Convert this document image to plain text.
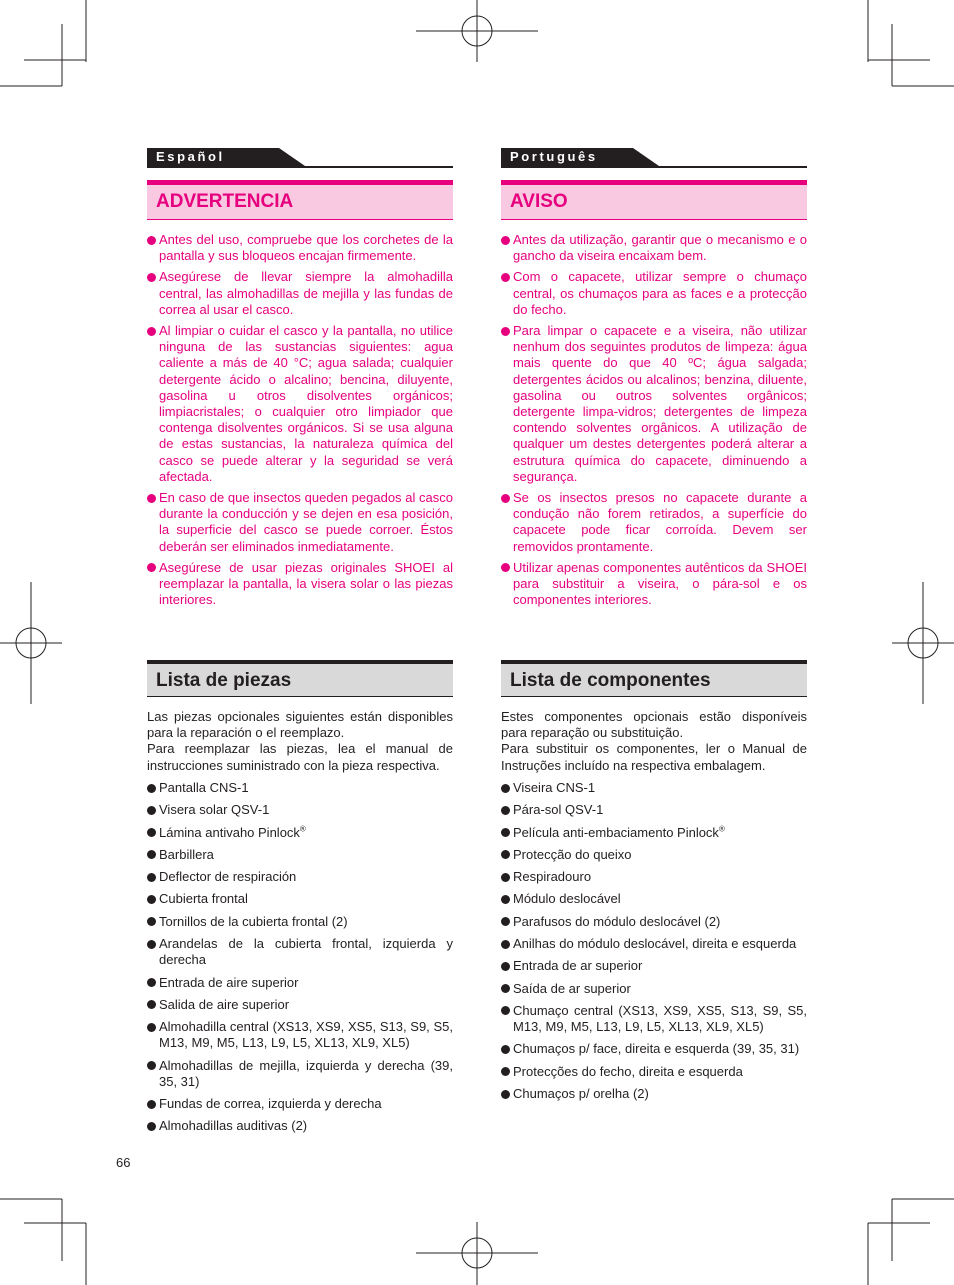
Español
ADVERTENCIA
Antes del uso, compruebe que los corchetes de la pantalla y sus bloqueos encajan firmemente.
Asegúrese de llevar siempre la almohadilla central, las almohadillas de mejilla y las fundas de correa al usar el casco.
Al limpiar o cuidar el casco y la pantalla, no utilice ninguna de las sustancias siguientes: agua caliente a más de 40 °C; agua salada; cualquier detergente ácido o alcalino; bencina, diluyente, gasolina u otros disolventes orgánicos; limpiacristales; o cualquier otro limpiador que contenga disolventes orgánicos. Si se usa alguna de estas sustancias, la naturaleza química del casco se puede alterar y la seguridad se verá afectada.
En caso de que insectos queden pegados al casco durante la conducción y se dejen en esa posición, la superficie del casco se puede corroer. Éstos deberán ser eliminados inmediatamente.
Asegúrese de usar piezas originales SHOEI al reemplazar la pantalla, la visera solar o las piezas interiores.
Lista de piezas

Las piezas opcionales siguientes están disponibles para la reparación o el reemplazo.
Para reemplazar las piezas, lea el manual de instrucciones suministrado con la pieza respectiva.

Pantalla CNS-1
Visera solar QSV-1
Lámina antivaho Pinlock®
Barbillera
Deflector de respiración
Cubierta frontal
Tornillos de la cubierta frontal (2)
Arandelas de la cubierta frontal, izquierda y derecha
Entrada de aire superior
Salida de aire superior
Almohadilla central (XS13, XS9, XS5, S13, S9, S5, M13, M9, M5, L13, L9, L5, XL13, XL9, XL5)
Almohadillas de mejilla, izquierda y derecha (39, 35, 31)
Fundas de correa, izquierda y derecha
Almohadillas auditivas (2)
Português
AVISO
Antes da utilização, garantir que o mecanismo e o gancho da viseira encaixam bem.
Com o capacete, utilizar sempre o chumaço central, os chumaços para as faces e a protecção do fecho.
Para limpar o capacete e a viseira, não utilizar nenhum dos seguintes produtos de limpeza: água mais quente do que 40 ºC; água salgada; detergentes ácidos ou alcalinos; benzina, diluente, gasolina ou outros solventes orgânicos; detergente limpa-vidros; detergentes de limpeza contendo solventes orgânicos. A utilização de qualquer um destes detergentes poderá alterar a estrutura química do capacete, diminuendo a segurança.
Se os insectos presos no capacete durante a condução não forem retirados, a superfície do capacete pode ficar corroída. Devem ser removidos prontamente.
Utilizar apenas componentes autênticos da SHOEI para substituir a viseira, o pára-sol e os componentes interiores.
Lista de componentes

Estes componentes opcionais estão disponíveis para reparação ou substituição.
Para substituir os componentes, ler o Manual de Instruções incluído na respectiva embalagem.

Viseira CNS-1
Pára-sol QSV-1
Película anti-embaciamento Pinlock®
Protecção do queixo
Respiradouro
Módulo deslocável
Parafusos do módulo deslocável (2)
Anilhas do módulo deslocável, direita e esquerda
Entrada de ar superior
Saída de ar superior
Chumaço central (XS13, XS9, XS5, S13, S9, S5, M13, M9, M5, L13, L9, L5, XL13, XL9, XL5)
Chumaços p/ face, direita e esquerda (39, 35, 31)
Protecções do fecho, direita e esquerda
Chumaços p/ orelha (2)
66
